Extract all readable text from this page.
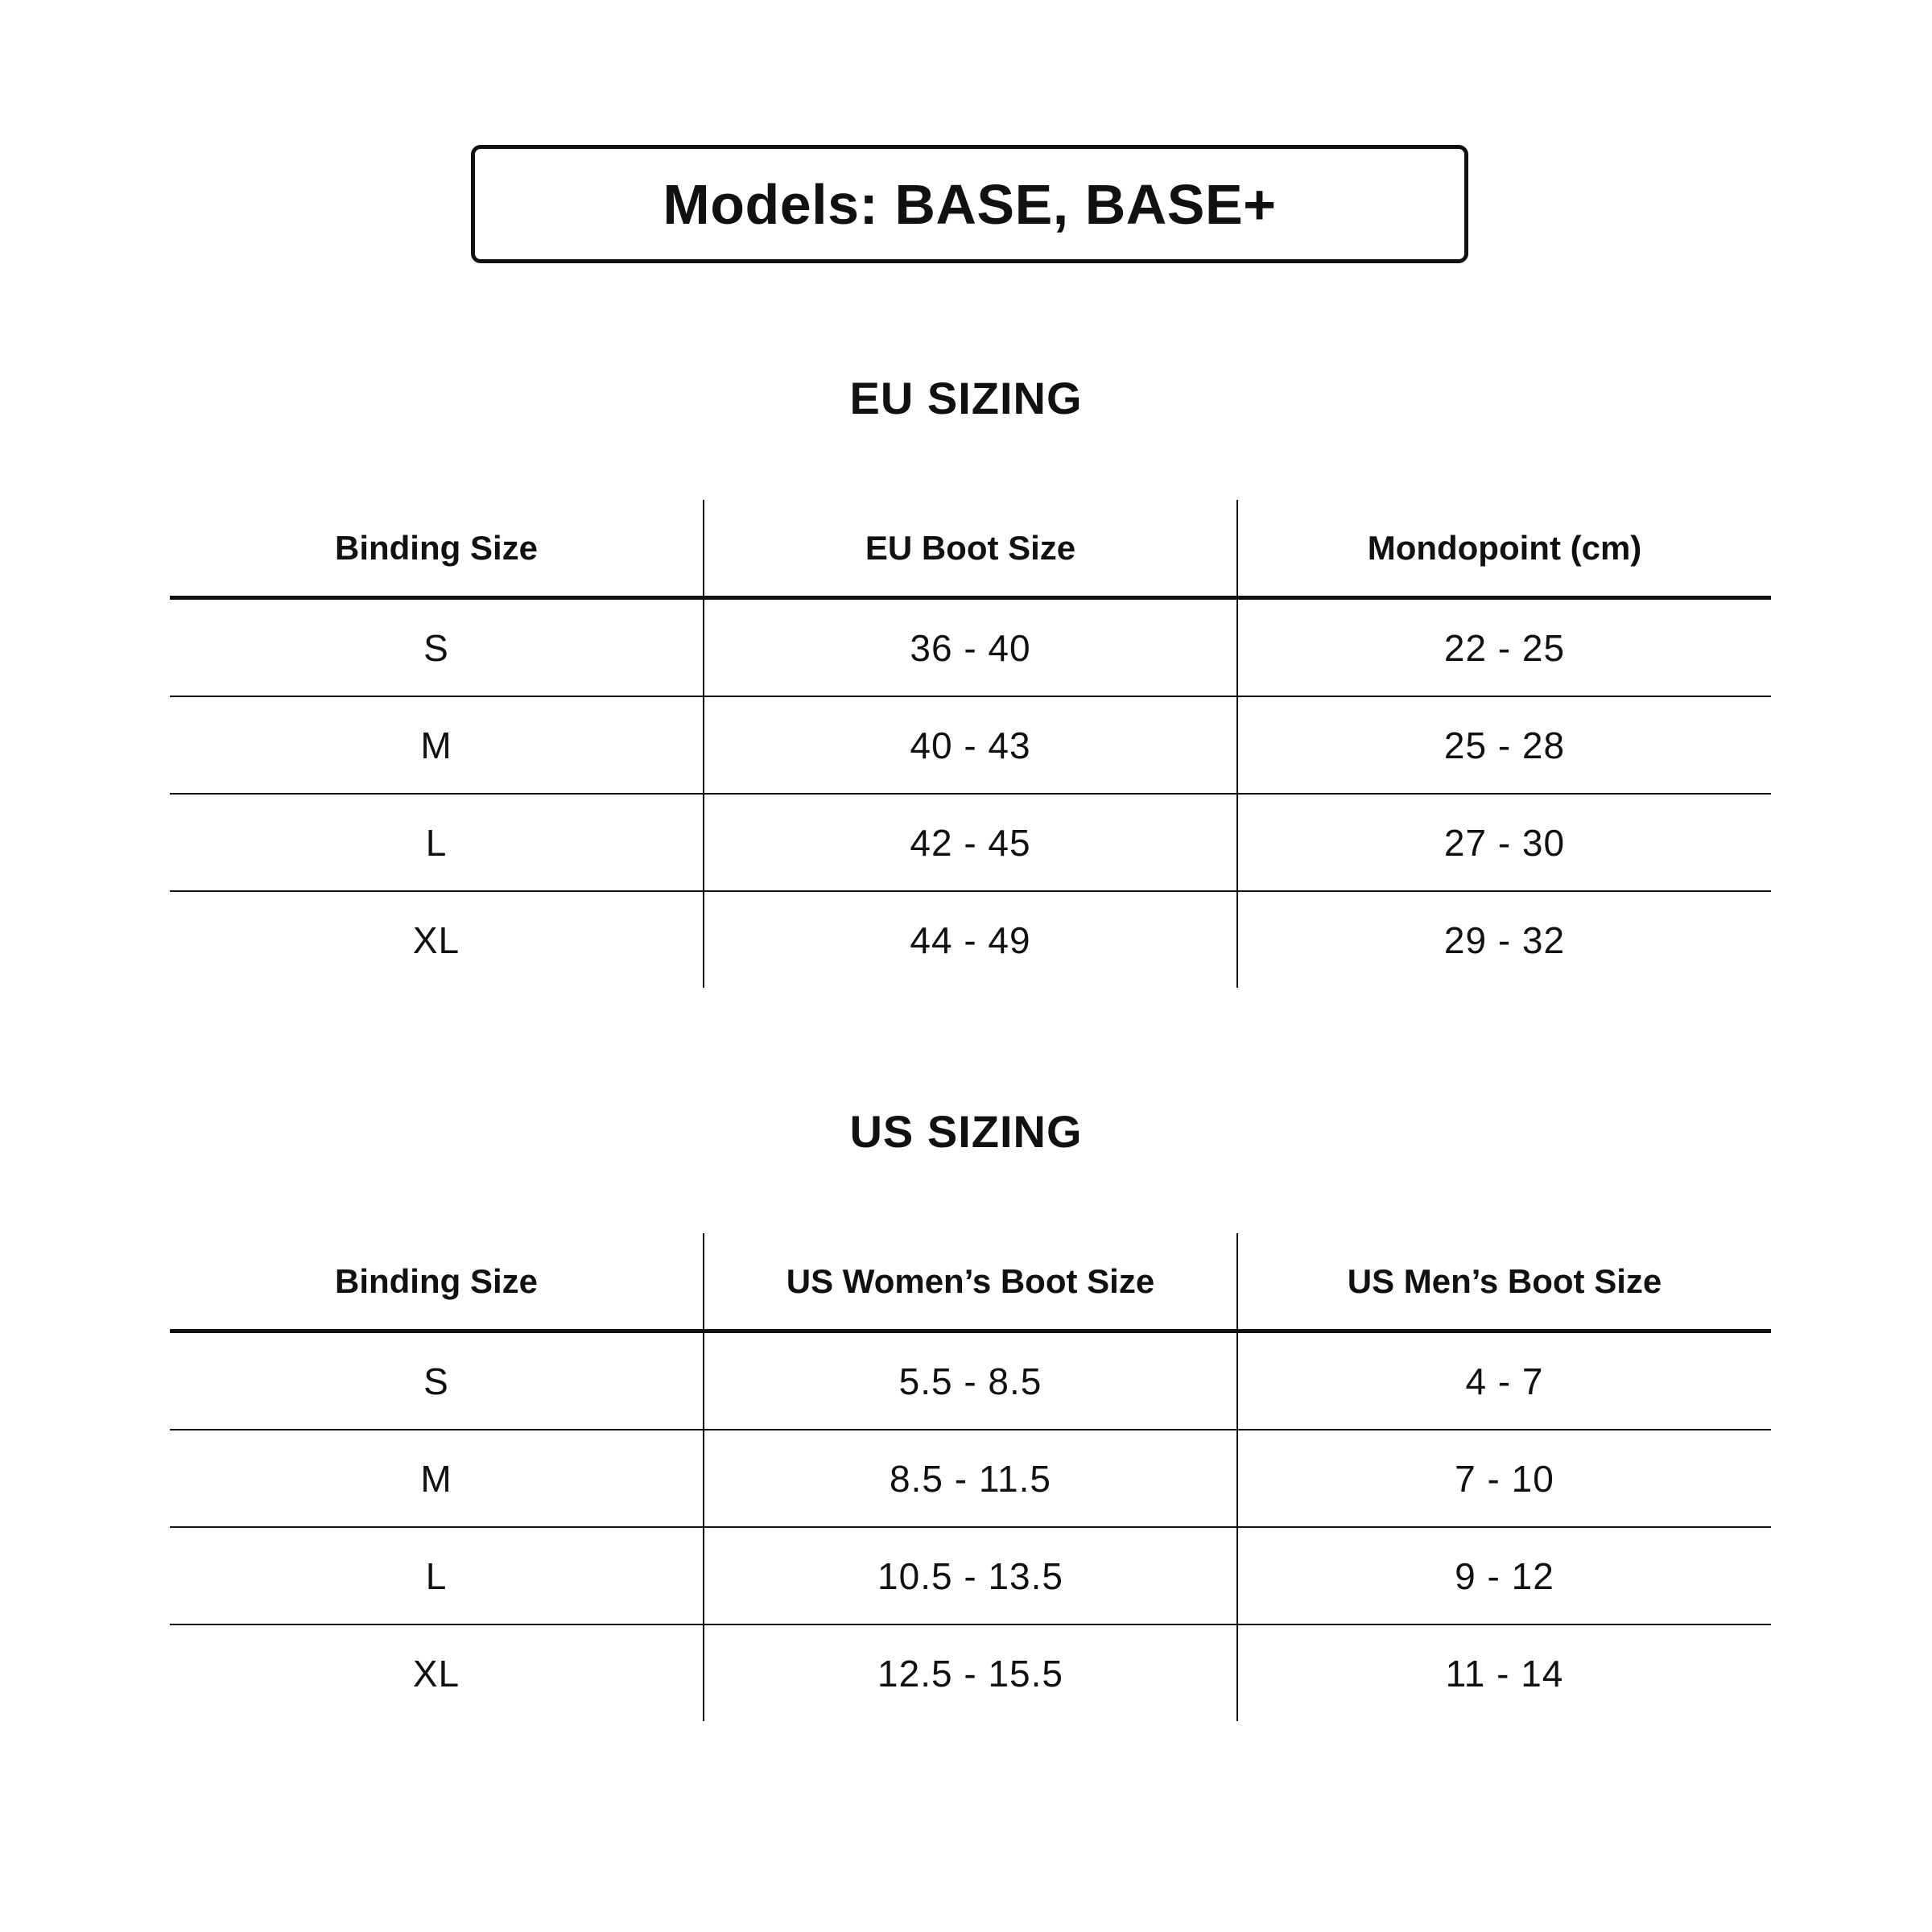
Models: BASE, BASE+
EU SIZING
Binding Size	EU Boot Size	Mondopoint (cm)
S	36 - 40	22 - 25
M	40 - 43	25 - 28
L	42 - 45	27 - 30
XL	44 - 49	29 - 32
US SIZING
Binding Size	US Women’s Boot Size	US Men’s Boot Size
S	5.5 - 8.5	4 - 7
M	8.5 - 11.5	7 - 10
L	10.5 - 13.5	9 - 12
XL	12.5 - 15.5	11 - 14
